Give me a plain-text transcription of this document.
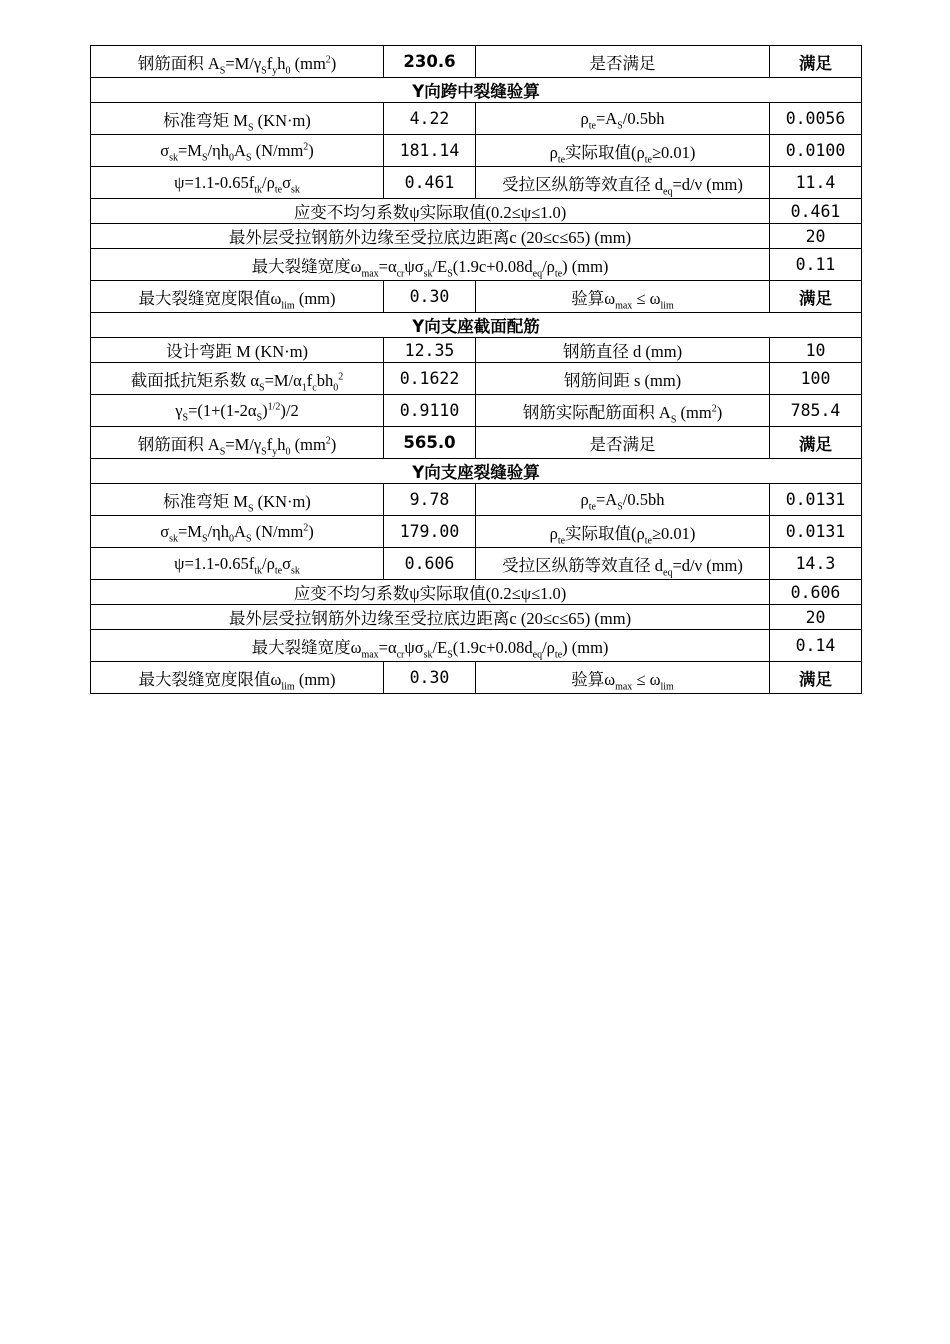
钢筋面积 $A_S=M/\gamma_Sf_yh_0$ $(mm^2)$	230.6	是否满足	满足
Y向跨中裂缝验算			
标准弯矩 $M_S$ (KN·m)	4.22	$\rho_{te}=A_S/0.5bh$	0.0056
$\sigma_{sk}=M_S/\eta h_0A_S$ $(N/mm^2)$	181.14	$\rho_{te}$实际取值$(\rho_{te}\ge 0.01)$	0.0100
$\psi=1.1-0.65f_{tk}/\rho_{te}\sigma_{sk}$	0.461	受拉区纵筋等效直径 $d_{eq}=d/\nu$ (mm)	11.4
应变不均匀系数ψ实际取值(0.2≤ψ≤1.0)			0.461
最外层受拉钢筋外边缘至受拉底边距离c (20≤c≤65) (mm)			20
最大裂缝宽度$\omega_{max}=\alpha_{cr}\psi\sigma_{sk}/E_S(1.9c+0.08d_{eq}/\rho_{te})$ (mm)			0.11
最大裂缝宽度限值$\omega_{lim}$ (mm)	0.30	验算$\omega_{max} \le \omega_{lim}$	满足
Y向支座截面配筋			
设计弯距 M (KN·m)	12.35	钢筋直径 d (mm)	10
截面抵抗矩系数 $\alpha_S=M/\alpha_1f_cbh_0^2$	0.1622	钢筋间距 s (mm)	100
$\gamma_S=(1+(1-2\alpha_S)^{1/2})/2$	0.9110	钢筋实际配筋面积 $A_S$ $(mm^2)$	785.4
钢筋面积 $A_S=M/\gamma_Sf_yh_0$ $(mm^2)$	565.0	是否满足	满足
Y向支座裂缝验算			
标准弯矩 $M_S$ (KN·m)	9.78	$\rho_{te}=A_S/0.5bh$	0.0131
$\sigma_{sk}=M_S/\eta h_0A_S$ $(N/mm^2)$	179.00	$\rho_{te}$实际取值$(\rho_{te}\ge 0.01)$	0.0131
$\psi=1.1-0.65f_{tk}/\rho_{te}\sigma_{sk}$	0.606	受拉区纵筋等效直径 $d_{eq}=d/\nu$ (mm)	14.3
应变不均匀系数ψ实际取值(0.2≤ψ≤1.0)			0.606
最外层受拉钢筋外边缘至受拉底边距离c (20≤c≤65) (mm)			20
最大裂缝宽度$\omega_{max}=\alpha_{cr}\psi\sigma_{sk}/E_S(1.9c+0.08d_{eq}/\rho_{te})$ (mm)			0.14
最大裂缝宽度限值$\omega_{lim}$ (mm)	0.30	验算$\omega_{max} \le \omega_{lim}$	满足
